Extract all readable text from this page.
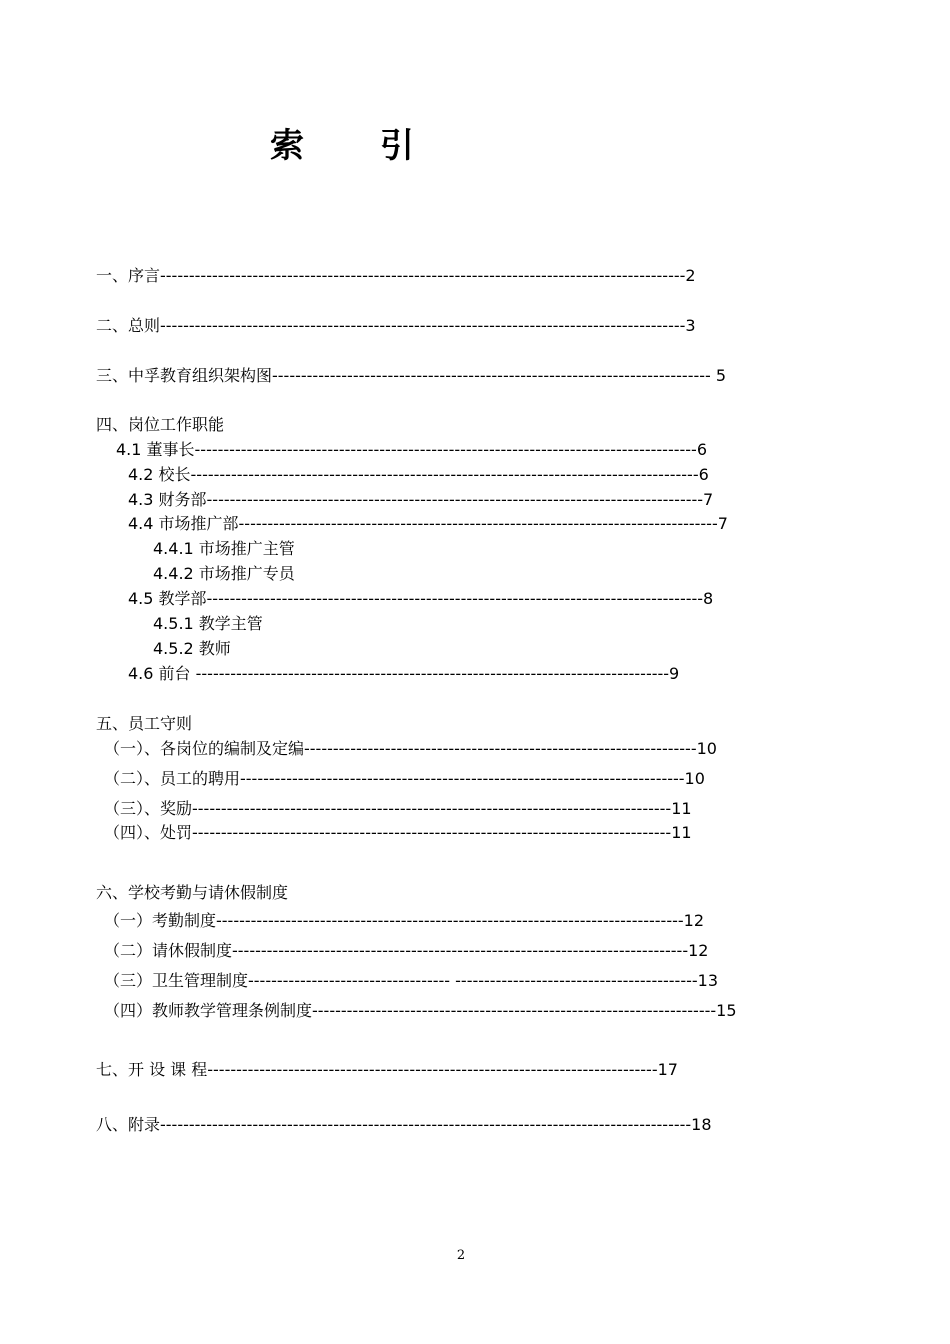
索 引
一、序言-------------------------------------------------------------------------------------------2
二、总则-------------------------------------------------------------------------------------------3
三、中孚教育组织架构图---------------------------------------------------------------------------- 5
四、岗位工作职能
4.1 董事长---------------------------------------------------------------------------------------6
4.2 校长----------------------------------------------------------------------------------------6
4.3 财务部--------------------------------------------------------------------------------------7
4.4 市场推广部-----------------------------------------------------------------------------------7
4.4.1 市场推广主管
4.4.2 市场推广专员
4.5 教学部--------------------------------------------------------------------------------------8
4.5.1 教学主管
4.5.2 教师
4.6 前台 ----------------------------------------------------------------------------------9
五、员工守则
（一）、各岗位的编制及定编--------------------------------------------------------------------10
（二）、员工的聘用-----------------------------------------------------------------------------10
（三）、奖励-----------------------------------------------------------------------------------11
（四）、处罚-----------------------------------------------------------------------------------11
六、学校考勤与请休假制度
（一）考勤制度---------------------------------------------------------------------------------12
（二）请休假制度-------------------------------------------------------------------------------12
（三）卫生管理制度----------------------------------- ------------------------------------------13
（四）教师教学管理条例制度----------------------------------------------------------------------15
七、开 设 课 程------------------------------------------------------------------------------17
八、附录--------------------------------------------------------------------------------------------18
2
